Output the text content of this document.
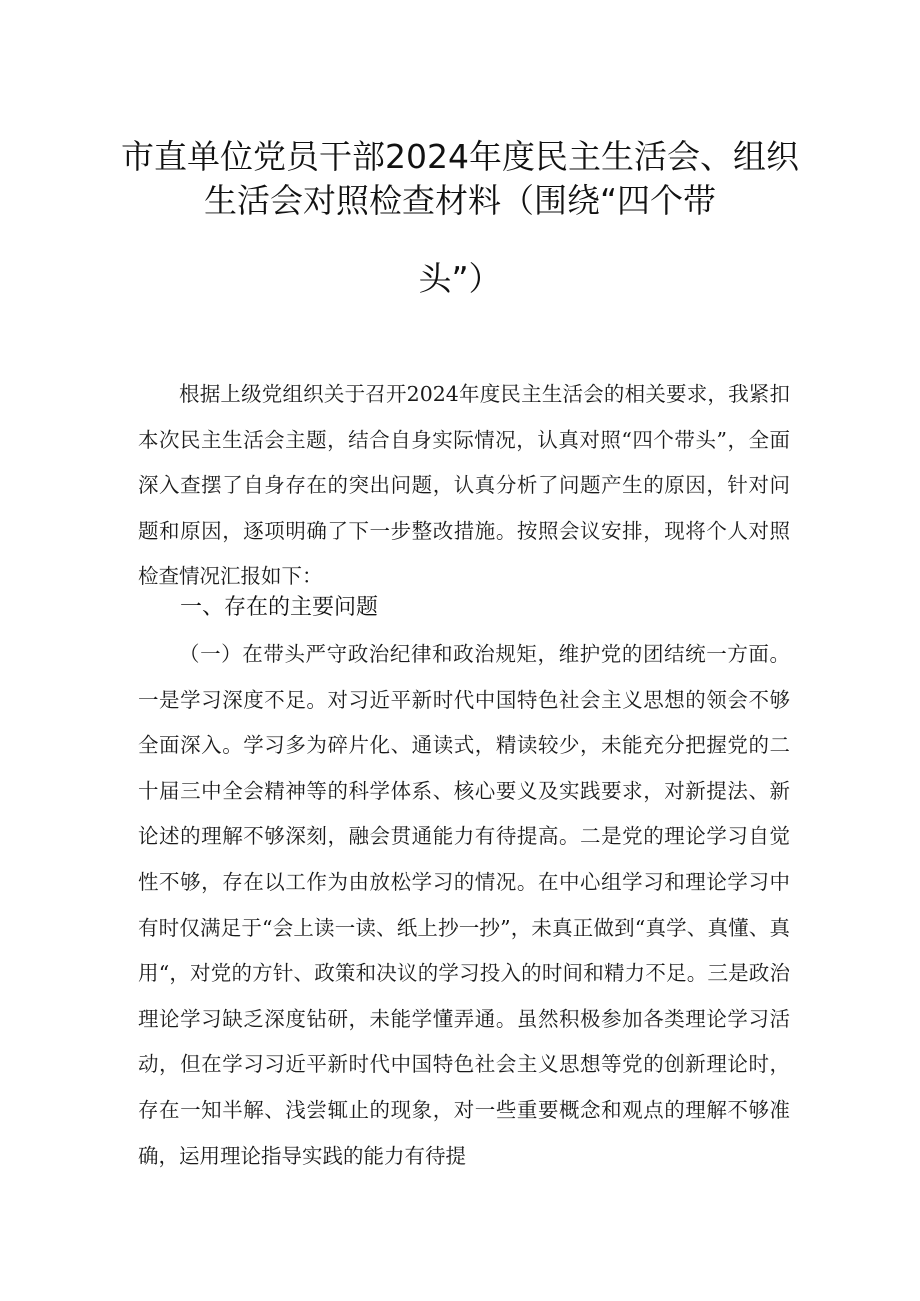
市直单位党员干部2024年度民主生活会、组织
生活会对照检查材料（围绕“四个带
头”）

根据上级党组织关于召开2024年度民主生活会的相关要求，我紧扣本次民主生活会主题，结合自身实际情况，认真对照“四个带头”，全面深入查摆了自身存在的突出问题，认真分析了问题产生的原因，针对问题和原因，逐项明确了下一步整改措施。按照会议安排，现将个人对照检查情况汇报如下：

一、存在的主要问题

（一）在带头严守政治纪律和政治规矩，维护党的团结统一方面。一是学习深度不足。对习近平新时代中国特色社会主义思想的领会不够全面深入。学习多为碎片化、通读式，精读较少，未能充分把握党的二十届三中全会精神等的科学体系、核心要义及实践要求，对新提法、新论述的理解不够深刻，融会贯通能力有待提高。二是党的理论学习自觉性不够，存在以工作为由放松学习的情况。在中心组学习和理论学习中有时仅满足于“会上读一读、纸上抄一抄”，未真正做到“真学、真懂、真用“，对党的方针、政策和决议的学习投入的时间和精力不足。三是政治理论学习缺乏深度钻研，未能学懂弄通。虽然积极参加各类理论学习活动，但在学习习近平新时代中国特色社会主义思想等党的创新理论时，存在一知半解、浅尝辄止的现象，对一些重要概念和观点的理解不够准确，运用理论指导实践的能力有待提
